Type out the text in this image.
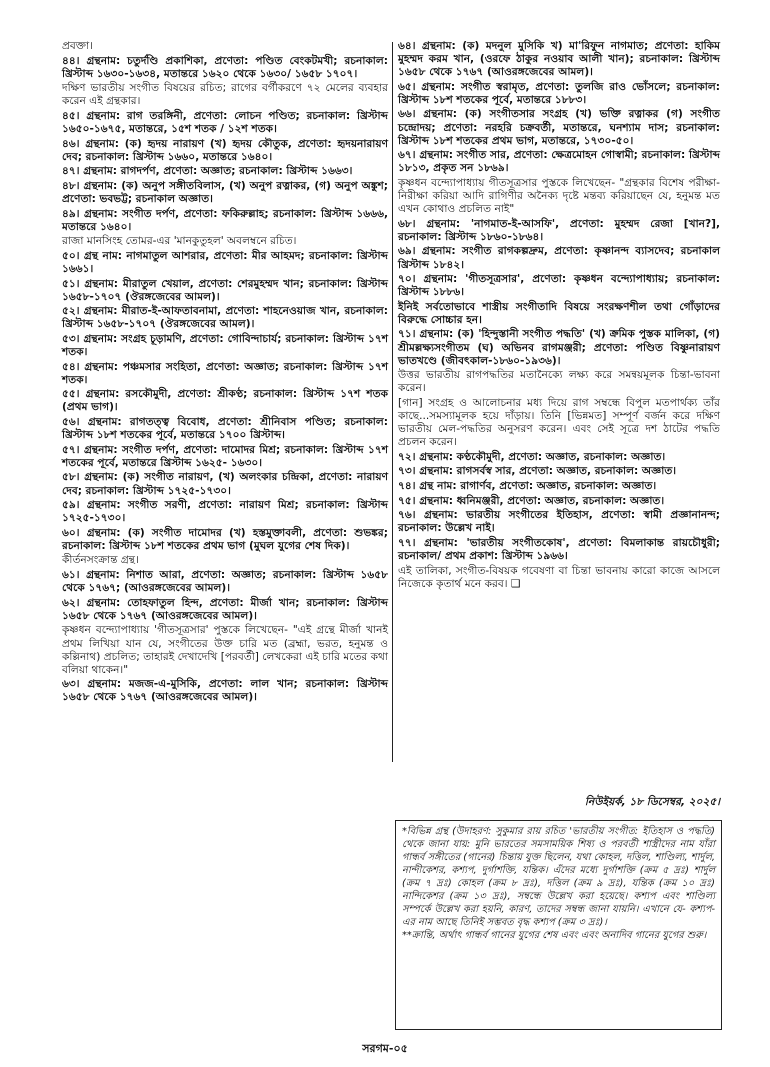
প্রবক্তা।

৪৪। গ্রন্থনাম: চতুর্দণ্ডি প্রকাশিকা, প্রণেতা: পণ্ডিত বেংকটমখী; রচনাকাল: খ্রিস্টাব্দ ১৬৩০-১৬৩৪, মতান্তরে ১৬২০ থেকে ১৬৩০/ ১৬৫৮ ১৭০৭।

দক্ষিণ ভারতীয় সংগীত বিষয়ের রচিত; রাগের বর্গীকরণে ৭২ মেলের ব্যবহার করেন এই গ্রন্থকার।

৪৫। গ্রন্থনাম: রাগ তরঙ্গিনী, প্রণেতা: লোচন পণ্ডিত; রচনাকাল: খ্রিস্টাব্দ ১৬৫০-১৬৭৫, মতান্তরে, ১৫শ শতক / ১২শ শতক।

৪৬। গ্রন্থনাম: (ক) হৃদয় নারায়ণ (খ) হৃদয় কৌতুক, প্রণেতা: হৃদয়নারায়ণ দেব; রচনাকাল: খ্রিস্টাব্দ ১৬৬০, মতান্তরে ১৬৪০।

৪৭। গ্রন্থনাম: রাগদর্পণ, প্রণেতা: অজ্ঞাত; রচনাকাল: খ্রিস্টাব্দ ১৬৬৩।

৪৮। গ্রন্থনাম: (ক) অনুপ সঙ্গীতবিলাস, (খ) অনুপ রত্নাকর, (গ) অনুপ অঙ্কুশ; প্রণেতা: ভবভট্ট; রচনাকাল অজ্ঞাত।

৪৯। গ্রন্থনাম: সংগীত দর্পণ, প্রণেতা: ফকিরুল্লাহ; রচনাকাল: খ্রিস্টাব্দ ১৬৬৬, মতান্তরে ১৬৪০।

রাজা মানসিংহ তোমর-এর 'মানকুতুহল' অবলম্বনে রচিত।

৫০। গ্রন্থ নাম: নাগমাতুল আশরার, প্রণেতা: মীর আহমদ; রচনাকাল: খ্রিস্টাব্দ ১৬৬১।

৫১। গ্রন্থনাম: মীরাতুল খেয়াল, প্রণেতা: শেরমুহম্মদ খান; রচনাকাল: খ্রিস্টাব্দ ১৬৫৮-১৭০৭ (ঔরঙ্গজেবের আমল)।

৫২। গ্রন্থনাম: মীরাত-ই-আফতাবনামা, প্রণেতা: শাহনেওয়াজ খান, রচনাকাল: খ্রিস্টাব্দ ১৬৫৮-১৭০৭ (ঔরঙ্গজেবের আমল)।

৫৩। গ্রন্থনাম: সংগ্রহ চূড়ামণি, প্রণেতা: গোবিন্দাচার্য; রচনাকাল: খ্রিস্টাব্দ ১৭শ শতক।

৫৪। গ্রন্থনাম: পঞ্চমসার সংহিতা, প্রণেতা: অজ্ঞাত; রচনাকাল: খ্রিস্টাব্দ ১৭শ শতক।

৫৫। গ্রন্থনাম: রসকৌমুদী, প্রণেতা: শ্রীকণ্ঠ; রচনাকাল: খ্রিস্টাব্দ ১৭শ শতক (প্রথম ভাগ)।

৫৬। গ্রন্থনাম: রাগতত্ত্ব বিবোধ, প্রণেতা: শ্রীনিবাস পণ্ডিত; রচনাকাল: খ্রিস্টাব্দ ১৮শ শতকের পূর্বে, মতান্তরে ১৭০০ খ্রিস্টাব্দ।

৫৭। গ্রন্থনাম: সংগীত দর্পণ, প্রণেতা: দামোদর মিশ্র; রচনাকাল: খ্রিস্টাব্দ ১৭শ শতকের পূর্বে, মতান্তরে খ্রিস্টাব্দ ১৬২৫- ১৬৩০।

৫৮। গ্রন্থনাম: (ক) সংগীত নারায়ণ, (খ) অলংকার চন্দ্রিকা, প্রণেতা: নারায়ণ দেব; রচনাকাল: খ্রিস্টাব্দ ১৭২৫-১৭৩০।

৫৯। গ্রন্থনাম: সংগীত সরণী, প্রণেতা: নারায়ণ মিশ্র; রচনাকাল: খ্রিস্টাব্দ ১৭২৫-১৭৩০।

৬০। গ্রন্থনাম: (ক) সংগীত দামোদর (খ) হস্তমুক্তাবলী, প্রণেতা: শুভঙ্কর; রচনাকাল: খ্রিস্টাব্দ ১৮শ শতকের প্রথম ভাগ (মুঘল যুগের শেষ দিক)।

কীর্তনসংক্রান্ত গ্রন্থ।

৬১। গ্রন্থনাম: নিশাত আরা, প্রণেতা: অজ্ঞাত; রচনাকাল: খ্রিস্টাব্দ ১৬৫৮ থেকে ১৭৬৭; (আওরঙ্গজেবের আমল)।

৬২। গ্রন্থনাম: তোহফাতুল হিন্দ, প্রণেতা: মীর্জা খান; রচনাকাল: খ্রিস্টাব্দ ১৬৫৮ থেকে ১৭৬৭ (আওরঙ্গজেবের আমল)।

কৃষ্ণধন বন্দ্যোপাধ্যায় 'গীতসূত্রসার' পুস্তকে লিখেছেন- "এই গ্রন্থে মীর্জা খানই প্রথম লিখিয়া যান যে, সংগীতের উক্ত চারি মত (ব্রহ্মা, ভরত, হনুমন্ত ও কল্লিনাথ) প্রচলিত; তাহারই দেখাদেখি [পরবর্তী] লেখকেরা এই চারি মতের কথা বলিয়া থাকেন।"

৬৩। গ্রন্থনাম: মজজ-এ-মুসিকি, প্রণেতা: লাল খান; রচনাকাল: খ্রিস্টাব্দ ১৬৫৮ থেকে ১৭৬৭ (আওরঙ্গজেবের আমল)।

৬৪। গ্রন্থনাম: (ক) মদনুল মুসিকি খ) মা'রিফুন নাগমাত; প্রণেতা: হাকিম মুহম্মদ করম খান, (ওরফে ঠাকুর নওয়াব আলী খান); রচনাকাল: খ্রিস্টাব্দ ১৬৫৮ থেকে ১৭৬৭ (আওরঙ্গজেবের আমল)।

৬৫। গ্রন্থনাম: সংগীত স্বরামৃত, প্রণেতা: তুলজি রাও ভোঁসলে; রচনাকাল: খ্রিস্টাব্দ ১৮শ শতকের পূর্বে, মতান্তরে ১৮৮৩।

৬৬। গ্রন্থনাম: (ক) সংগীতসার সংগ্রহ (খ) ভক্তি রত্নাকর (গ) সংগীত চন্দ্রোদয়; প্রণেতা: নরহরি চক্রবর্তী, মতান্তরে, ঘনশ্যাম দাস; রচনাকাল: খ্রিস্টাব্দ ১৮শ শতকের প্রথম ভাগ, মতান্তরে, ১৭৩০-৫০।

৬৭। গ্রন্থনাম: সংগীত সার, প্রণেতা: ক্ষেত্রমোহন গোস্বামী; রচনাকাল: খ্রিস্টাব্দ ১৮১৩, প্রকৃত সন ১৮৬৯।

কৃষ্ণধন বন্দ্যোপাধ্যায় গীতসূত্রসার পুস্তকে লিখেছেন- "গ্রন্থকার বিশেষ পরীক্ষা-নিরীক্ষা করিয়া আদি রাগিণীর অনৈক্য দৃষ্টে মন্তব্য করিয়াছেন যে, হনুমন্ত মত এখন কোথাও প্রচলিত নাই"

৬৮। গ্রন্থনাম: 'নাগমাত-ই-আসফি', প্রণেতা: মুহম্মদ রেজা [খান?], রচনাকাল: খ্রিস্টাব্দ ১৮৬০-১৮৬৪।

৬৯। গ্রন্থনাম: সংগীত রাগকল্পদ্রুম, প্রণেতা: কৃষ্ণানন্দ ব্যাসদেব; রচনাকাল খ্রিস্টাব্দ ১৮৪২।

৭০। গ্রন্থনাম: 'গীতসূত্রসার', প্রণেতা: কৃষ্ণধন বন্দ্যোপাধ্যায়; রচনাকাল: খ্রিস্টাব্দ ১৮৮৬।

ইনিই সর্বতোভাবে শাস্ত্রীয় সংগীতাদি বিষয়ে সংরক্ষণশীল তথা গোঁড়াদের বিরুদ্ধে সোচ্চার হন।

৭১। গ্রন্থনাম: (ক) 'হিন্দুস্তানী সংগীত পদ্ধতি' (খ) ক্রমিক পুস্তক মালিকা, (গ) শ্রীমল্লক্ষ্যসংগীতম (ঘ) অভিনব রাগমঞ্জরী; প্রণেতা: পণ্ডিত বিষ্ণুনারায়ণ ভাতখণ্ডে (জীবৎকাল-১৮৬০-১৯৩৬)।

উত্তর ভারতীয় রাগপদ্ধতির মতানৈক্যে লক্ষ্য করে সমন্বয়মূলক চিন্তা-ভাবনা করেন।

[গান] সংগ্রহ ও আলোচনার মধ্য দিয়ে রাগ সম্বন্ধে বিপুল মতপার্থক্য তাঁর কাছে...সমস্যামূলক হয়ে দাঁড়ায়। তিনি [ভিন্নমত] সম্পূর্ণ বর্জন করে দক্ষিণ ভারতীয় মেল-পদ্ধতির অনুসরণ করেন। এবং সেই সূত্রে দশ ঠাটের পদ্ধতি প্রচলন করেন।

৭২। গ্রন্থনাম: কণ্ঠকৌমুদী, প্রণেতা: অজ্ঞাত, রচনাকাল: অজ্ঞাত।

৭৩। গ্রন্থনাম: রাগসর্বস্ব সার, প্রণেতা: অজ্ঞাত, রচনাকাল: অজ্ঞাত।

৭৪। গ্রন্থ নাম: রাগার্ণব, প্রণেতা: অজ্ঞাত, রচনাকাল: অজ্ঞাত।

৭৫। গ্রন্থনাম: ধ্বনিমঞ্জরী, প্রণেতা: অজ্ঞাত, রচনাকাল: অজ্ঞাত।

৭৬। গ্রন্থনাম: ভারতীয় সংগীতের ইতিহাস, প্রণেতা: স্বামী প্রজ্ঞানানন্দ; রচনাকাল: উল্লেখ নাই।

৭৭। গ্রন্থনাম: 'ভারতীয় সংগীতকোষ', প্রণেতা: বিমলাকান্ত রায়চৌধুরী; রচনাকাল/ প্রথম প্রকাশ: খ্রিস্টাব্দ ১৯৬৬।

এই তালিকা, সংগীত-বিষয়ক গবেষণা বা চিন্তা ভাবনায় কারো কাজে আসলে নিজেকে কৃতার্থ মনে করব। ❑

নিউইয়র্ক, ১৮ ডিসেম্বর, ২০২৫।

*বিভিন্ন গ্রন্থ (উদাহরণ: সুকুমার রায় রচিত 'ভারতীয় সংগীত: ইতিহাস ও পদ্ধতি) থেকে জানা যায়: মুনি ভারতের সমসাময়িক শিষ্য ও পরবর্তী শাস্ত্রীদের নাম যাঁরা গান্ধর্ব সঙ্গীতের (গানের) চিন্তায় যুক্ত ছিলেন, যথা কোহল, দত্তিল, শাণ্ডিল্য, শার্দুল, নান্দীকেশর, কশ্যপ, দুর্গাশক্তি, যন্তিক। এঁদের মধ্যে দুর্গাশক্তি (ক্রম ৫ দ্রঃ) শার্দুল (ক্রম ৭ দ্রঃ) কোহল (ক্রম ৮ দ্রঃ), দত্তিল (ক্রম ৯ দ্রঃ), যন্তিক (ক্রম ১০ দ্রঃ) নান্দিকেশর (ক্রম ১৩ দ্রঃ), সম্বন্ধে উল্লেখ করা হয়েছে। কশ্যপ এবং শাণ্ডিল্য সম্পর্কে উল্লেখ করা হয়নি, কারণ, তাদের সম্বন্ধ জানা যায়নি। এখানে যে- কশ্যপ-এর নাম আছে তিনিই সম্ভবত বৃদ্ধ কশ্যপ (ক্রম ৩ দ্রঃ)।

**ক্রান্তি, অর্থাৎ গান্ধর্ব গানের যুগের শেষ এবং এবং অনাদিব গানের যুগের শুরু।

সরগম-০৫
